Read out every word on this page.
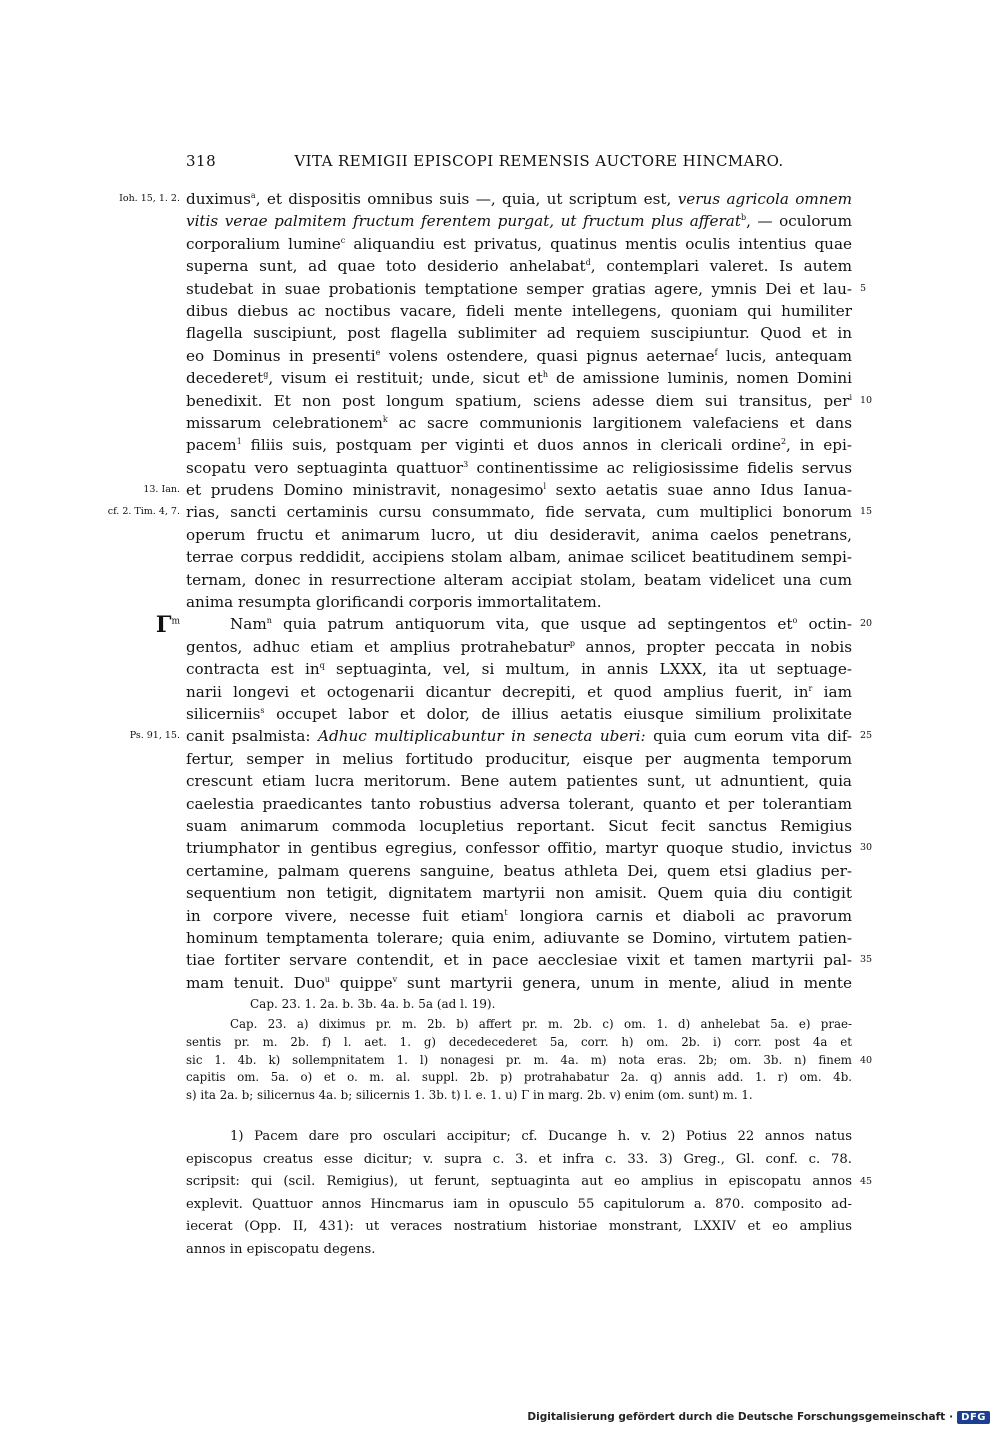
318	VITA REMIGII EPISCOPI REMENSIS AUCTORE HINCMARO.
Ioh. 15, 1. 2. duximus$^a$, et dispositis omnibus suis —, quia, ut scriptum est, verus agricola omnem
vitis verae palmitem fructum ferentem purgat, ut fructum plus afferat$^b$, — oculorum
corporalium lumine$^c$ aliquandiu est privatus, quatinus mentis oculis intentius quae
superna sunt, ad quae toto desiderio anhelabat$^d$, contemplari valeret. Is autem
studebat in suae probationis temptatione semper gratias agere, ymnis Dei et lau- 5
dibus diebus ac noctibus vacare, fideli mente intellegens, quoniam qui humiliter
flagella suscipiunt, post flagella sublimiter ad requiem suscipiuntur. Quod et in
eo Dominus in presenti$^e$ volens ostendere, quasi pignus aeternae$^f$ lucis, antequam
decederet$^g$, visum ei restituit; unde, sicut $et^h$ de amissione luminis, nomen Domini
benedixit. Et non post longum spatium, sciens adesse diem sui transitus, per$^i$ 10
missarum celebrationem$^k$ ac sacre communionis largitionem valefaciens et dans
pacem$^1$ filiis suis, postquam per viginti et duos annos in clericali ordine$^2$, in epi-
scopatu vero septuaginta quattuor$^3$ continentissime ac religiosissime fidelis servus
13. Ian. et prudens Domino ministravit, nonagesimo$^l$ sexto aetatis suae anno Idus Ianua-
cf. 2. Tim. 4, 7. rias, sancti certaminis cursu consummato, fide servata, cum multiplici bonorum 15
operum fructu et animarum lucro, ut diu desideravit, anima caelos penetrans,
terrae corpus reddidit, accipiens stolam albam, animae scilicet beatitudinem sempi-
ternam, donec in resurrectione alteram accipiat stolam, beatam videlicet una cum
anima resumpta glorificandi corporis immortalitatem.
$\Gamma^m$	Nam$^n$ quia patrum antiquorum vita, que usque ad septingentos $et^o$ octin- 20
gentos, adhuc etiam et amplius protrahebatur$^p$ annos, propter peccata in nobis
contracta est $in^q$ septuaginta, vel, si multum, in annis LXXX, ita ut septuage-
narii longevi et octogenarii dicantur decrepiti, et quod amplius fuerit, $in^r$ iam
silicerniis$^s$ occupet labor et dolor, de illius aetatis eiusque similium prolixitate
Ps. 91, 15. canit psalmista: Adhuc multiplicabuntur in senecta uberi: quia cum eorum vita dif- 25
fertur, semper in melius fortitudo producitur, eisque per augmenta temporum
crescunt etiam lucra meritorum. Bene autem patientes sunt, ut adnuntient, quia
caelestia praedicantes tanto robustius adversa tolerant, quanto et per tolerantiam
suam animarum commoda locupletius reportant. Sicut fecit sanctus Remigius
triumphator in gentibus egregius, confessor offitio, martyr quoque studio, invictus 30
certamine, palmam querens sanguine, beatus athleta Dei, quem etsi gladius per-
sequentium non tetigit, dignitatem martyrii non amisit. Quem quia diu contigit
in corpore vivere, necesse fuit etiam$^t$ longiora carnis et diaboli ac pravorum
hominum temptamenta tolerare; quia enim, adiuvante se Domino, virtutem patien-
tiae fortiter servare contendit, et in pace aecclesiae vixit et tamen martyrii pal- 35
mam tenuit. Duo$^u$ quippe$^v$ sunt martyrii genera, unum in mente, aliud in mente
Cap. 23. 1. 2a. b. 3b. 4a. b. 5a (ad l. 19).
Cap. 23. a) diximus pr. m. 2b. b) affert pr. m. 2b. c) om. 1. d) anhelebat 5a. e) prae-
sentis pr. m. 2b. f) l. aet. 1. g) decedecederet 5a, corr. h) om. 2b. i) corr. post 4a et
sic 1. 4b. k) sollempnitatem 1. l) nonagesi pr. m. 4a. m) nota eras. 2b; om. 3b. n) finem 40
capitis om. 5a. o) et o. m. al. suppl. 2b. p) protrahabatur 2a. q) annis add. 1. r) om. 4b.
s) ita 2a. b; silicernus 4a. b; silicernis 1. 3b. t) l. e. 1. u) Γ in marg. 2b. v) enim (om. sunt) m. 1.
1) Pacem dare pro osculari accipitur; cf. Ducange h. v. 2) Potius 22 annos natus
episcopus creatus esse dicitur; v. supra c. 3. et infra c. 33. 3) Greg., Gl. conf. c. 78.
scripsit: qui (scil. Remigius), ut ferunt, septuaginta aut eo amplius in episcopatu annos 45
explevit. Quattuor annos Hincmarus iam in opusculo 55 capitulorum a. 870. composito ad-
iecerat (Opp. II, 431): ut veraces nostratium historiae monstrant, LXXIV et eo amplius
annos in episcopatu degens.
Digitalisierung gefördert durch die Deutsche Forschungsgemeinschaft · DFG
